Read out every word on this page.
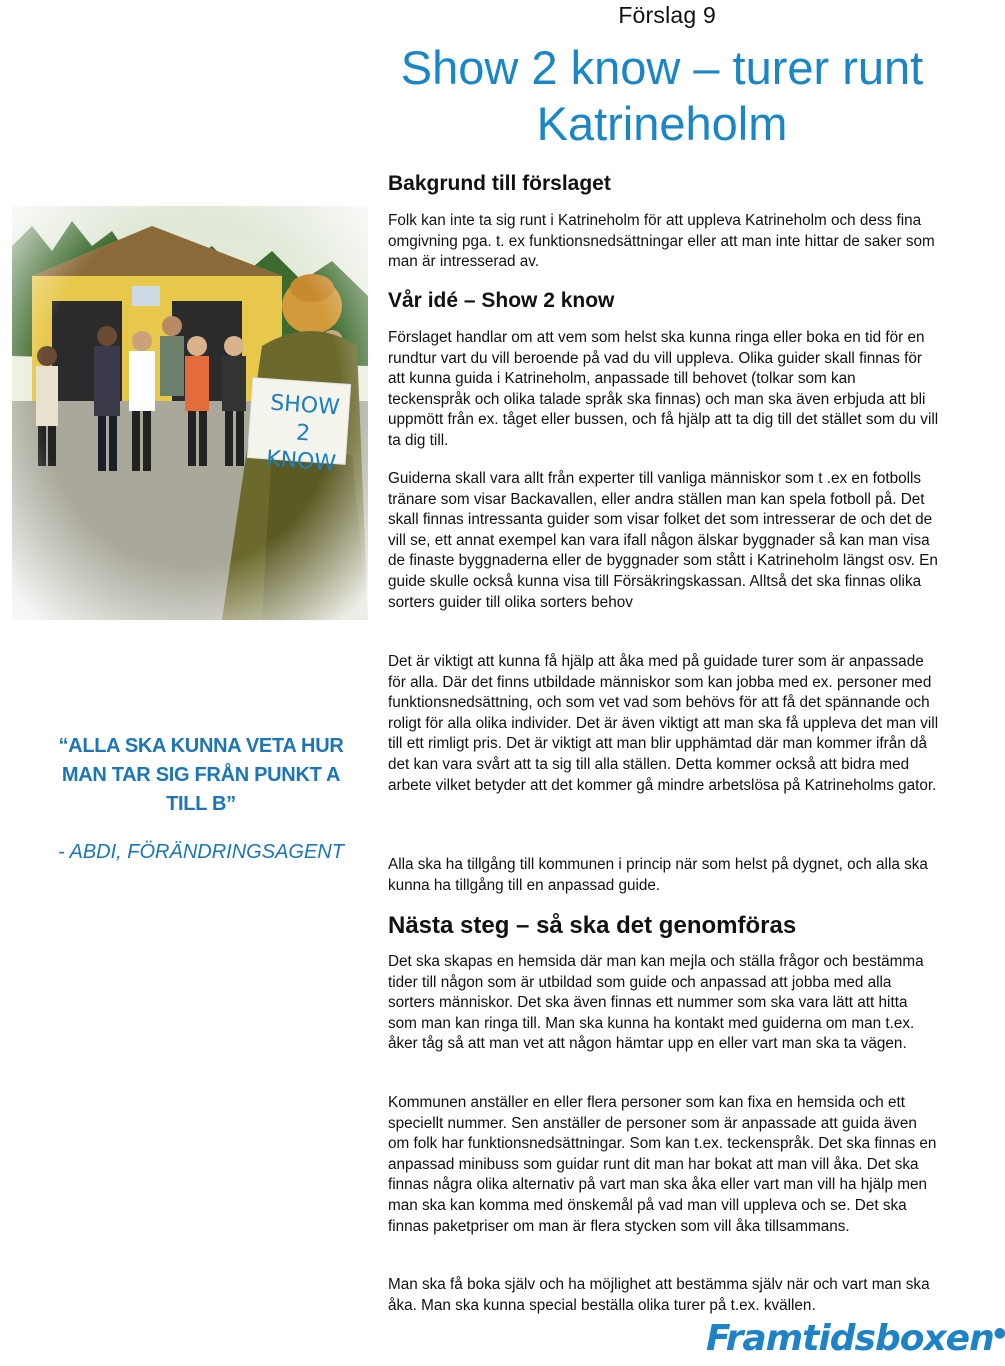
Förslag 9
Show 2 know – turer runt Katrineholm
Bakgrund till förslaget
Folk kan inte ta sig runt i Katrineholm för att uppleva Katrineholm och dess fina omgivning pga. t. ex funktionsnedsättningar eller att man inte hittar de saker som man är intresserad av.
Vår idé – Show 2 know
Förslaget handlar om att vem som helst ska kunna ringa eller boka en tid för en rundtur vart du vill beroende på vad du vill uppleva. Olika guider skall finnas för att kunna guida i Katrineholm, anpassade till behovet (tolkar som kan teckenspråk och olika talade språk ska finnas) och man ska även erbjuda att bli uppmött från ex. tåget eller bussen, och få hjälp att ta dig till det stället som du vill ta dig till.
Guiderna skall vara allt från experter till vanliga människor som t .ex en fotbolls tränare som visar Backavallen, eller andra ställen man kan spela fotboll på. Det skall finnas intressanta guider som visar folket det som intresserar de och det de vill se, ett annat exempel kan vara ifall någon älskar byggnader så kan man visa de finaste byggnaderna eller de byggnader som stått i Katrineholm längst osv. En guide skulle också kunna visa till Försäkringskassan. Alltså det ska finnas olika sorters guider till olika sorters behov
Det är viktigt att kunna få hjälp att åka med på guidade turer som är anpassade för alla. Där det finns utbildade människor som kan jobba med ex. personer med funktionsnedsättning, och som vet vad som behövs för att få det spännande och roligt för alla olika individer. Det är även viktigt att man ska få uppleva det man vill till ett rimligt pris. Det är viktigt att man blir upphämtad där man kommer ifrån då det kan vara svårt att ta sig till alla ställen. Detta kommer också att bidra med arbete vilket betyder att det kommer gå mindre arbetslösa på Katrineholms gator.
Alla ska ha tillgång till kommunen i princip när som helst på dygnet, och alla ska kunna ha tillgång till en anpassad guide.
Nästa steg – så ska det genomföras
Det ska skapas en hemsida där man kan mejla och ställa frågor och bestämma tider till någon som är utbildad som guide och anpassad att jobba med alla sorters människor. Det ska även finnas ett nummer som ska vara lätt att hitta som man kan ringa till. Man ska kunna ha kontakt med guiderna om man t.ex. åker tåg så att man vet att någon hämtar upp en eller vart man ska ta vägen.
Kommunen anställer en eller flera personer som kan fixa en hemsida och ett speciellt nummer. Sen anställer de personer som är anpassade att guida även om folk har funktionsnedsättningar. Som kan t.ex. teckenspråk. Det ska finnas en anpassad minibuss som guidar runt dit man har bokat att man vill åka. Det ska finnas några olika alternativ på vart man ska åka eller vart man vill ha hjälp men man ska kan komma med önskemål på vad man vill uppleva och se. Det ska finnas paketpriser om man är flera stycken som vill åka tillsammans.
Man ska få boka själv och ha möjlighet att bestämma själv när och vart man ska åka. Man ska kunna special beställa olika turer på t.ex. kvällen.
SHOW 2
KNOW
“ALLA SKA KUNNA VETA HUR MAN TAR SIG FRÅN PUNKT A TILL B”
- ABDI, FÖRÄNDRINGSAGENT
Framtidsboxen●
